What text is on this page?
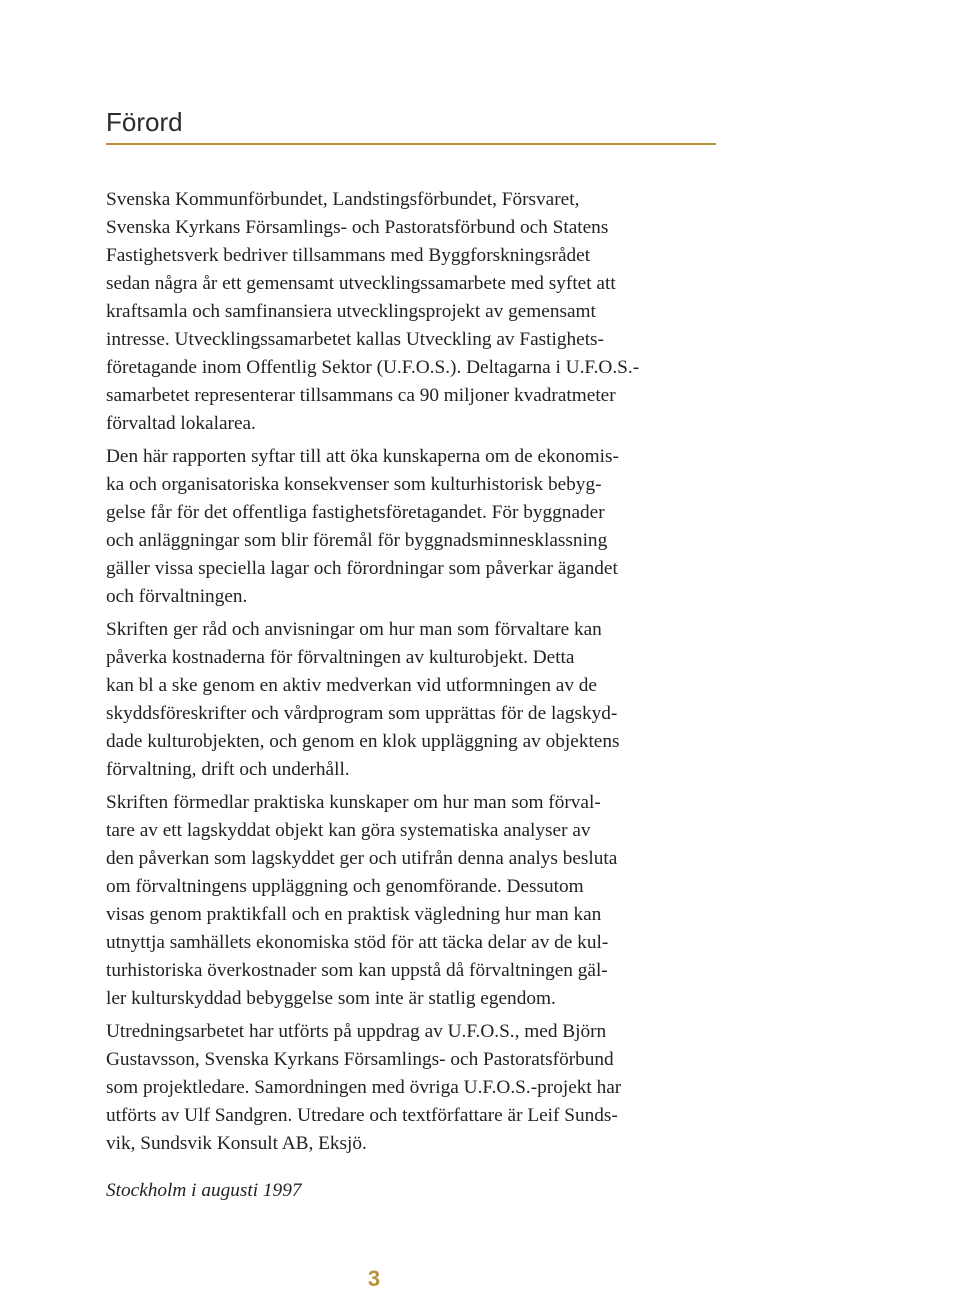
Förord

Svenska Kommunförbundet, Landstingsförbundet, Försvaret,
Svenska Kyrkans Församlings- och Pastoratsförbund och Statens
Fastighetsverk bedriver tillsammans med Byggforskningsrådet
sedan några år ett gemensamt utvecklingssamarbete med syftet att
kraftsamla och samfinansiera utvecklingsprojekt av gemensamt
intresse. Utvecklingssamarbetet kallas Utveckling av Fastighets-
företagande inom Offentlig Sektor (U.F.O.S.). Deltagarna i U.F.O.S.-
samarbetet representerar tillsammans ca 90 miljoner kvadratmeter
förvaltad lokalarea.

Den här rapporten syftar till att öka kunskaperna om de ekonomis-
ka och organisatoriska konsekvenser som kulturhistorisk bebyg-
gelse får för det offentliga fastighetsföretagandet. För byggnader
och anläggningar som blir föremål för byggnadsminnesklassning
gäller vissa speciella lagar och förordningar som påverkar ägandet
och förvaltningen.

Skriften ger råd och anvisningar om hur man som förvaltare kan
påverka kostnaderna för förvaltningen av kulturobjekt. Detta
kan bl a ske genom en aktiv medverkan vid utformningen av de
skyddsföreskrifter och vårdprogram som upprättas för de lagskyd-
dade kulturobjekten, och genom en klok uppläggning av objektens
förvaltning, drift och underhåll.

Skriften förmedlar praktiska kunskaper om hur man som förval-
tare av ett lagskyddat objekt kan göra systematiska analyser av
den påverkan som lagskyddet ger och utifrån denna analys besluta
om förvaltningens uppläggning och genomförande. Dessutom
visas genom praktikfall och en praktisk vägledning hur man kan
utnyttja samhällets ekonomiska stöd för att täcka delar av de kul-
turhistoriska överkostnader som kan uppstå då förvaltningen gäl-
ler kulturskyddad bebyggelse som inte är statlig egendom.

Utredningsarbetet har utförts på uppdrag av U.F.O.S., med Björn
Gustavsson, Svenska Kyrkans Församlings- och Pastoratsförbund
som projektledare. Samordningen med övriga U.F.O.S.-projekt har
utförts av Ulf Sandgren. Utredare och textförfattare är Leif Sunds-
vik, Sundsvik Konsult AB, Eksjö.

Stockholm i augusti 1997

3
